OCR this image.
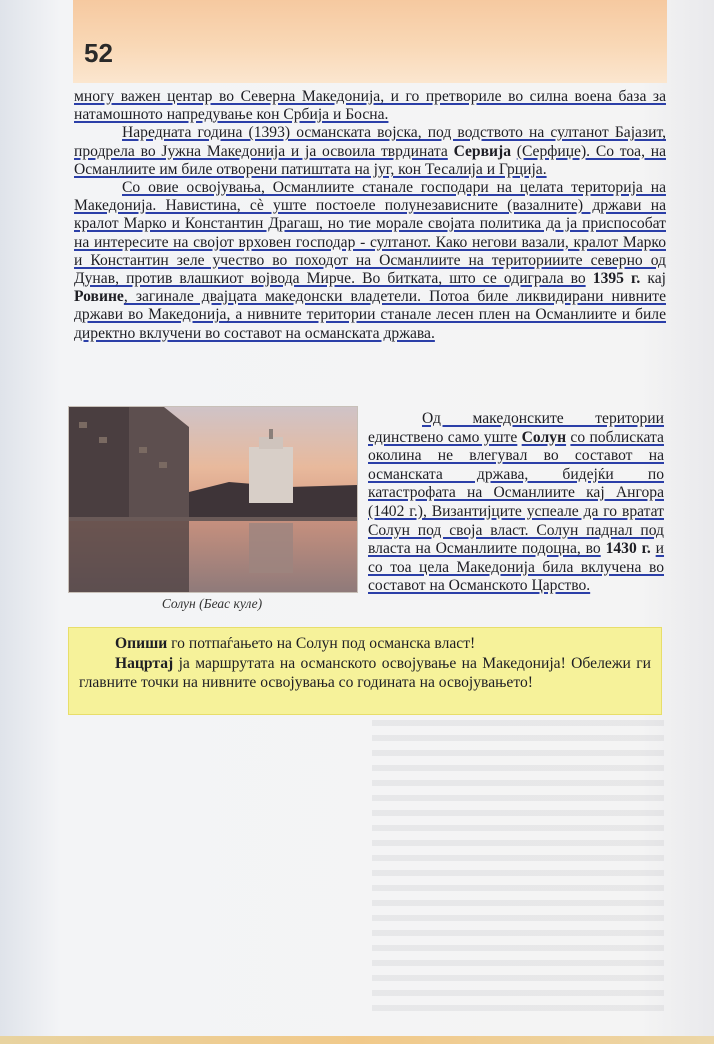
52

многу важен центар во Северна Македонија, и го претвориле во силна воена база за натамошното напредување кон Србија и Босна.

Наредната година (1393) османската војска, под водството на султанот Бајазит, продрела во Јужна Македонија и ја освоила тврдината Сервија (Серфиџе). Со тоа, на Османлиите им биле отворени патиштата на југ, кон Тесалија и Грција.

Со овие освојувања, Османлиите станале господари на целата територија на Македонија. Навистина, сè уште постоеле полунезависните (вазалните) држави на кралот Марко и Константин Драгаш, но тие морале својата политика да ја приспособат на интересите на својот врховен господар - султанот. Како негови вазали, кралот Марко и Константин зеле учество во походот на Османлиите на територииите северно од Дунав, против влашкиот војвода Мирче. Во битката, што се одиграла во 1395 г. кај Ровине, загинале двајцата македонски владетели. Потоа биле ликвидирани нивните држави во Македонија, а нивните територии станале лесен плен на Османлиите и биле директно вклучени во составот на османската држава.

Солун (Беас куле)

Од македонските територии единствено само уште Солун со поблиската околина не влегувал во составот на османската држава, бидејќи по катастрофата на Османлиите кај Ангора (1402 г.), Византијците успеале да го вратат Солун под своја власт. Солун паднал под власта на Османлиите подоцна, во 1430 г. и со тоа цела Македонија била вклучена во составот на Османското Царство.

Опиши го потпаѓањето на Солун под османска власт!

Нацртај ја маршрутата на османското освојување на Македонија! Обележи ги главните точки на нивните освојувања со годината на освојувањето!
